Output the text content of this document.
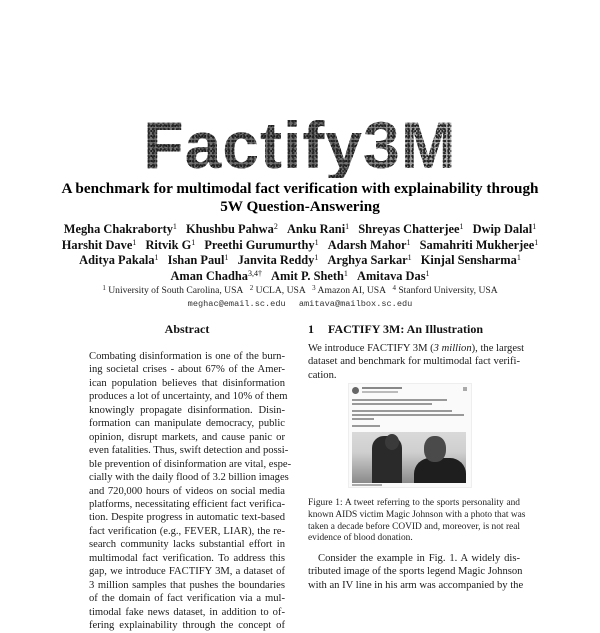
Factify3M
A benchmark for multimodal fact verification with explainability through
5W Question-Answering
Megha Chakraborty$^1$ Khushbu Pahwa$^2$ Anku Rani$^1$ Shreyas Chatterjee$^1$ Dwip Dalal$^1$
Harshit Dave$^1$ Ritvik $G^1$ Preethi Gurumurthy$^1$ Adarsh Mahor$^1$ Samahriti Mukherjee$^1$
Aditya Pakala$^1$ Ishan Paul$^1$ Janvita Reddy$^1$ Arghya Sarkar$^1$ Kinjal Sensharma$^1$
Aman Chadha$^{3,4\dagger}$ Amit P. Sheth$^1$ Amitava Das$^1$
$^1$ University of South Carolina, USA $^2$ UCLA, USA $^3$ Amazon AI, USA $^4$ Stanford University, USA
meghac@email.sc.edu amitava@mailbox.sc.edu
Abstract
Combating disinformation is one of the burn-
ing societal crises - about 67% of the Amer-
ican population believes that disinformation
produces a lot of uncertainty, and 10% of them
knowingly propagate disinformation. Disin-
formation can manipulate democracy, public
opinion, disrupt markets, and cause panic or
even fatalities. Thus, swift detection and possi-
ble prevention of disinformation are vital, espe-
cially with the daily flood of 3.2 billion images
and 720,000 hours of videos on social media
platforms, necessitating efficient fact verifica-
tion. Despite progress in automatic text-based
fact verification (e.g., FEVER, LIAR), the re-
search community lacks substantial effort in
multimodal fact verification. To address this
gap, we introduce FACTIFY 3M, a dataset of
3 million samples that pushes the boundaries
of the domain of fact verification via a mul-
timodal fake news dataset, in addition to of-
fering explainability through the concept of
1 FACTIFY 3M: An Illustration
We introduce FACTIFY 3M (3 million), the largest
dataset and benchmark for multimodal fact verifi-
cation.
Figure 1: A tweet referring to the sports personality and
known AIDS victim Magic Johnson with a photo that was
taken a decade before COVID and, moreover, is not real
evidence of blood donation.
Consider the example in Fig. 1. A widely dis-
tributed image of the sports legend Magic Johnson
with an IV line in his arm was accompanied by the
